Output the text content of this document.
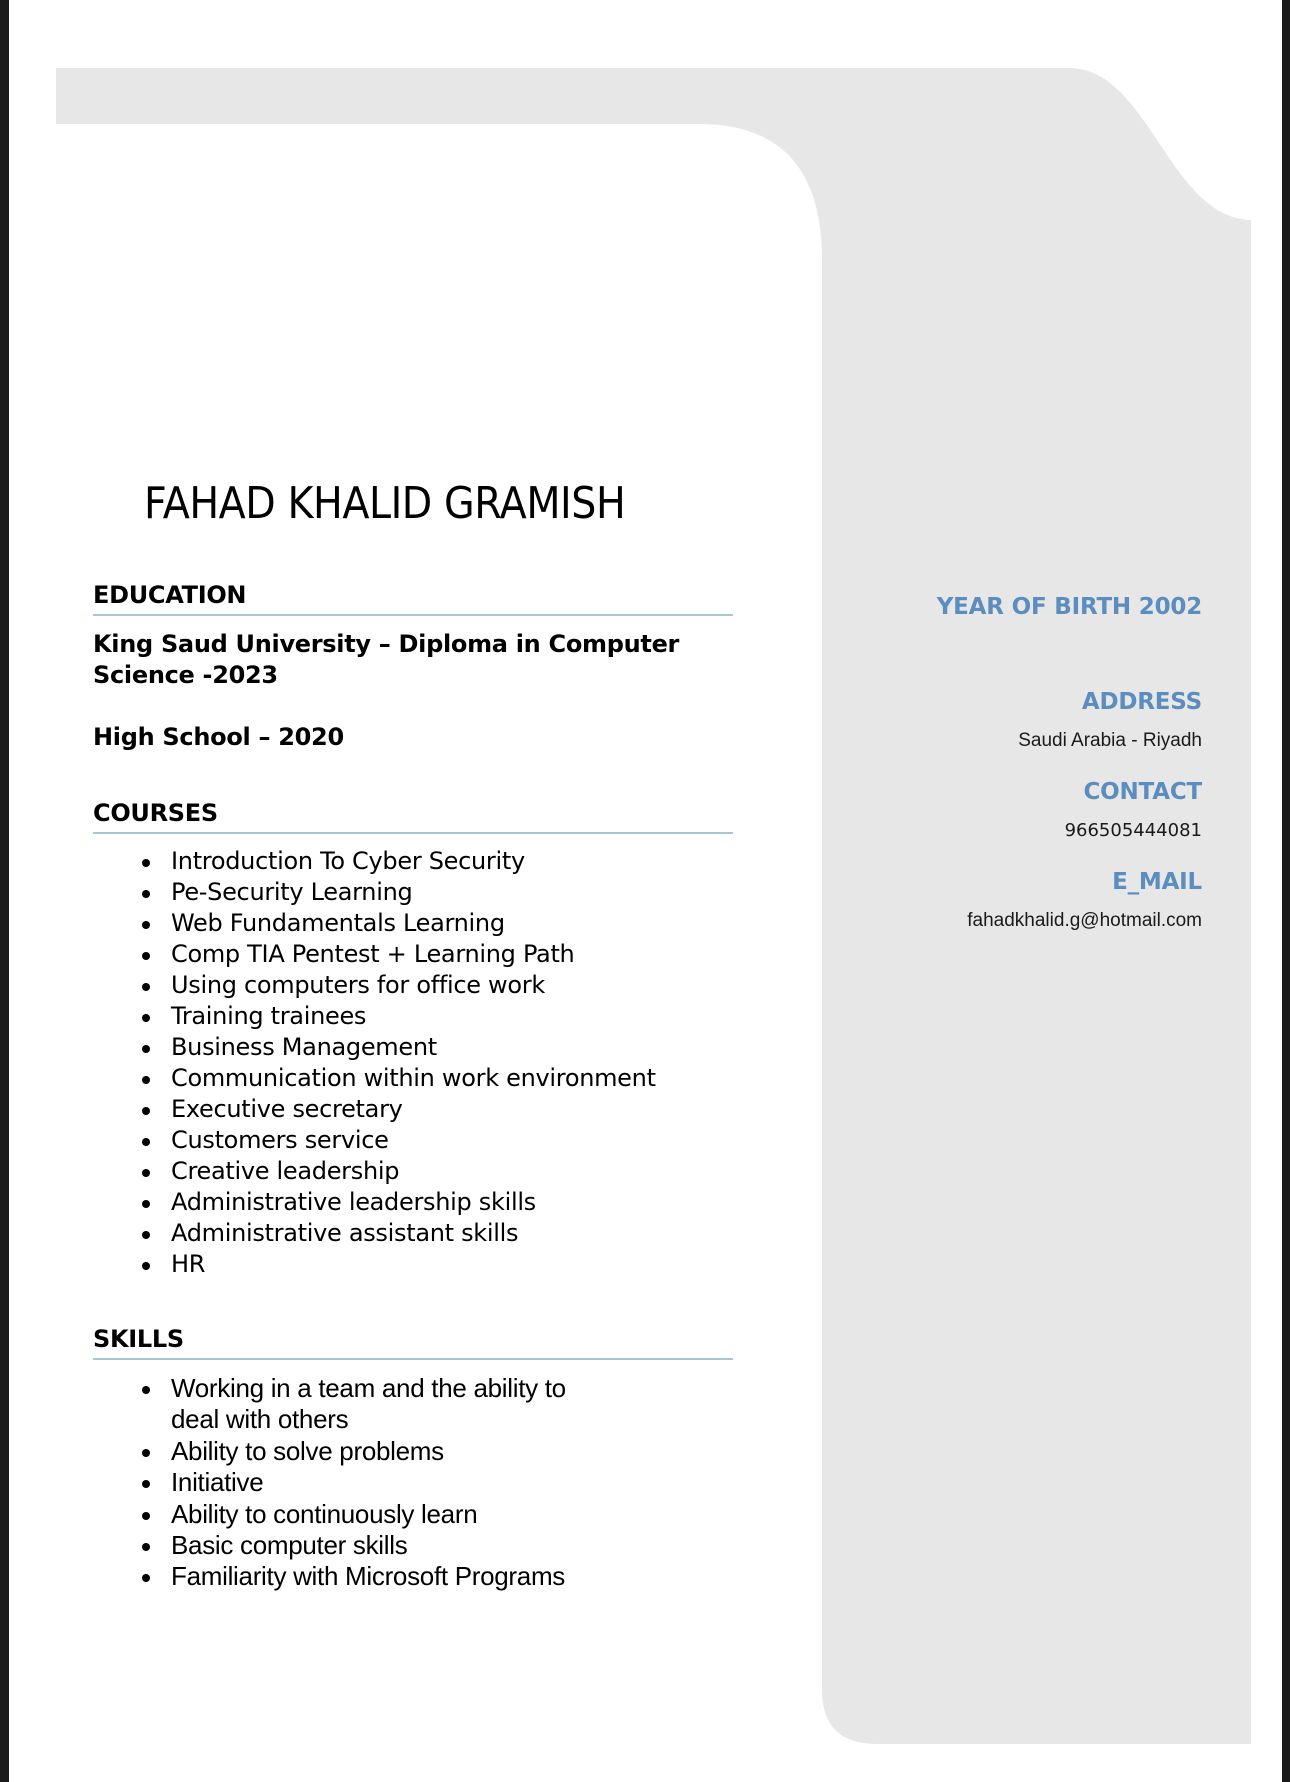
FAHAD KHALID GRAMISH
EDUCATION
King Saud University – Diploma in Computer Science -2023
High School – 2020
COURSES
Introduction To Cyber Security
Pe-Security Learning
Web Fundamentals Learning
Comp TIA Pentest + Learning Path
Using computers for office work
Training trainees
Business Management
Communication within work environment
Executive secretary
Customers service
Creative leadership
Administrative leadership skills
Administrative assistant skills
HR
SKILLS
Working in a team and the ability to deal with others
Ability to solve problems
Initiative
Ability to continuously learn
Basic computer skills
Familiarity with Microsoft Programs
YEAR OF BIRTH 2002
ADDRESS
Saudi Arabia - Riyadh
CONTACT
966505444081
E_MAIL
fahadkhalid.g@hotmail.com
